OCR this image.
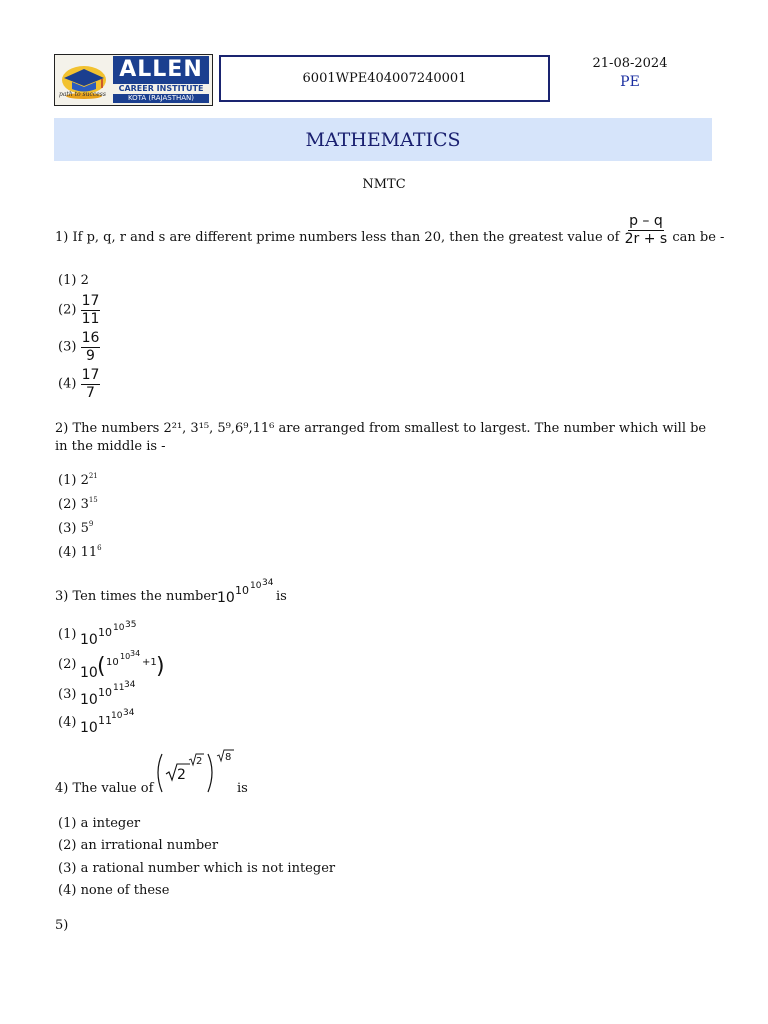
path to success
ALLEN
CAREER INSTITUTE
KOTA (RAJASTHAN)
6001WPE404007240001
21-08-2024
PE
MATHEMATICS
NMTC
1) If p, q, r and s are different prime numbers less than 20, then the greatest value of $\frac{p - q}{2r + s}$ can be -
(1) 2
$(2) \frac{17}{11}$
$(3) \frac{16}{9}$
$(4) \frac{17}{7}$
2) The numbers 2²¹, 3¹⁵, 5⁹,6⁹,11⁶ are arranged from smallest to largest. The number which will be in the middle is -
(1) $2^{21}$
(2) $3^{15}$
(3) $5^9$
(4) $11^6$
3) Ten times the number 10 10 10 34
is
(1) 10 10 10 35
(2)
10 ( 10
10 34
+1 )
(3) 10 10 11 34
(4) 10 11 10 34
4) The value of
2
2 8
is
(1) a integer
(2) an irrational number
(3) a rational number which is not integer
(4) none of these
5)
